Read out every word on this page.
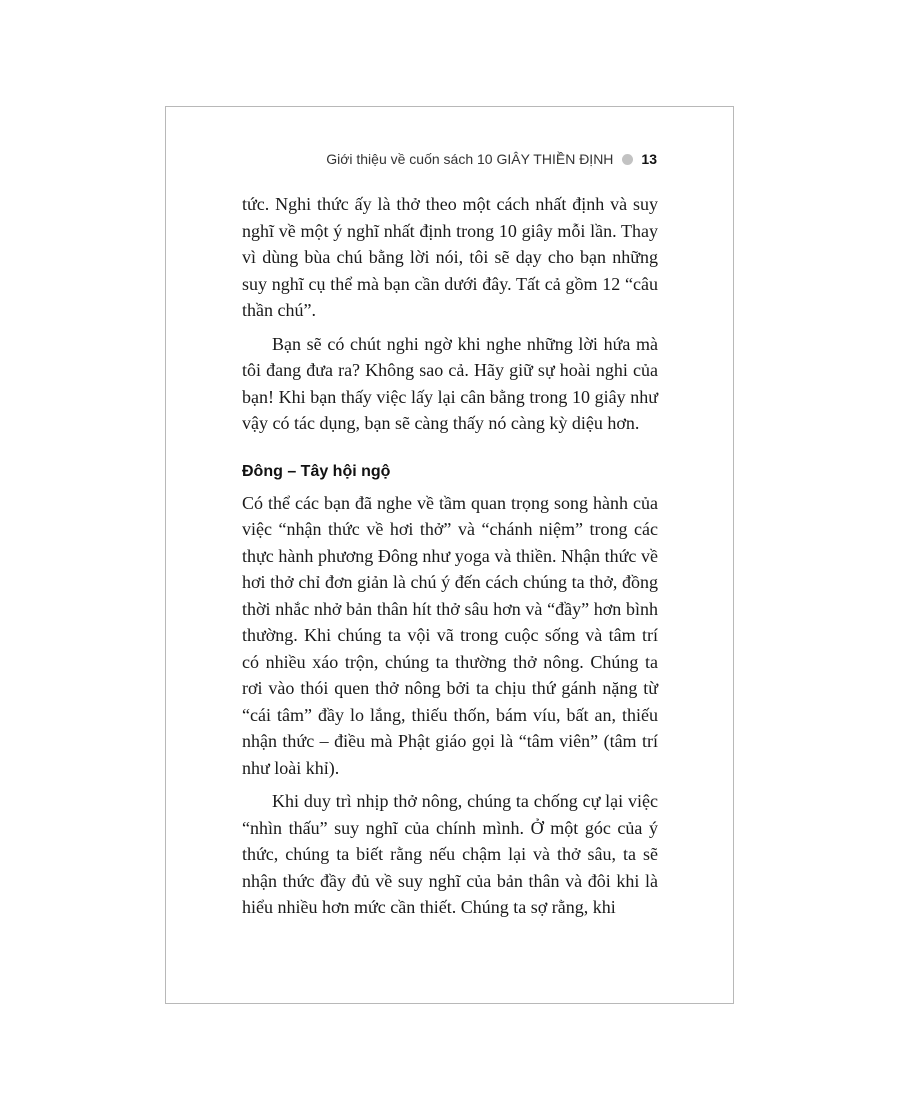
Giới thiệu về cuốn sách 10 GIÂY THIỀN ĐỊNH 13

tức. Nghi thức ấy là thở theo một cách nhất định và suy nghĩ về một ý nghĩ nhất định trong 10 giây mỗi lần. Thay vì dùng bùa chú bằng lời nói, tôi sẽ dạy cho bạn những suy nghĩ cụ thể mà bạn cần dưới đây. Tất cả gồm 12 “câu thần chú”.

Bạn sẽ có chút nghi ngờ khi nghe những lời hứa mà tôi đang đưa ra? Không sao cả. Hãy giữ sự hoài nghi của bạn! Khi bạn thấy việc lấy lại cân bằng trong 10 giây như vậy có tác dụng, bạn sẽ càng thấy nó càng kỳ diệu hơn.

Đông – Tây hội ngộ

Có thể các bạn đã nghe về tầm quan trọng song hành của việc “nhận thức về hơi thở” và “chánh niệm” trong các thực hành phương Đông như yoga và thiền. Nhận thức về hơi thở chỉ đơn giản là chú ý đến cách chúng ta thở, đồng thời nhắc nhở bản thân hít thở sâu hơn và “đầy” hơn bình thường. Khi chúng ta vội vã trong cuộc sống và tâm trí có nhiều xáo trộn, chúng ta thường thở nông. Chúng ta rơi vào thói quen thở nông bởi ta chịu thứ gánh nặng từ “cái tâm” đầy lo lắng, thiếu thốn, bám víu, bất an, thiếu nhận thức – điều mà Phật giáo gọi là “tâm viên” (tâm trí như loài khỉ).

Khi duy trì nhịp thở nông, chúng ta chống cự lại việc “nhìn thấu” suy nghĩ của chính mình. Ở một góc của ý thức, chúng ta biết rằng nếu chậm lại và thở sâu, ta sẽ nhận thức đầy đủ về suy nghĩ của bản thân và đôi khi là hiểu nhiều hơn mức cần thiết. Chúng ta sợ rằng, khi
